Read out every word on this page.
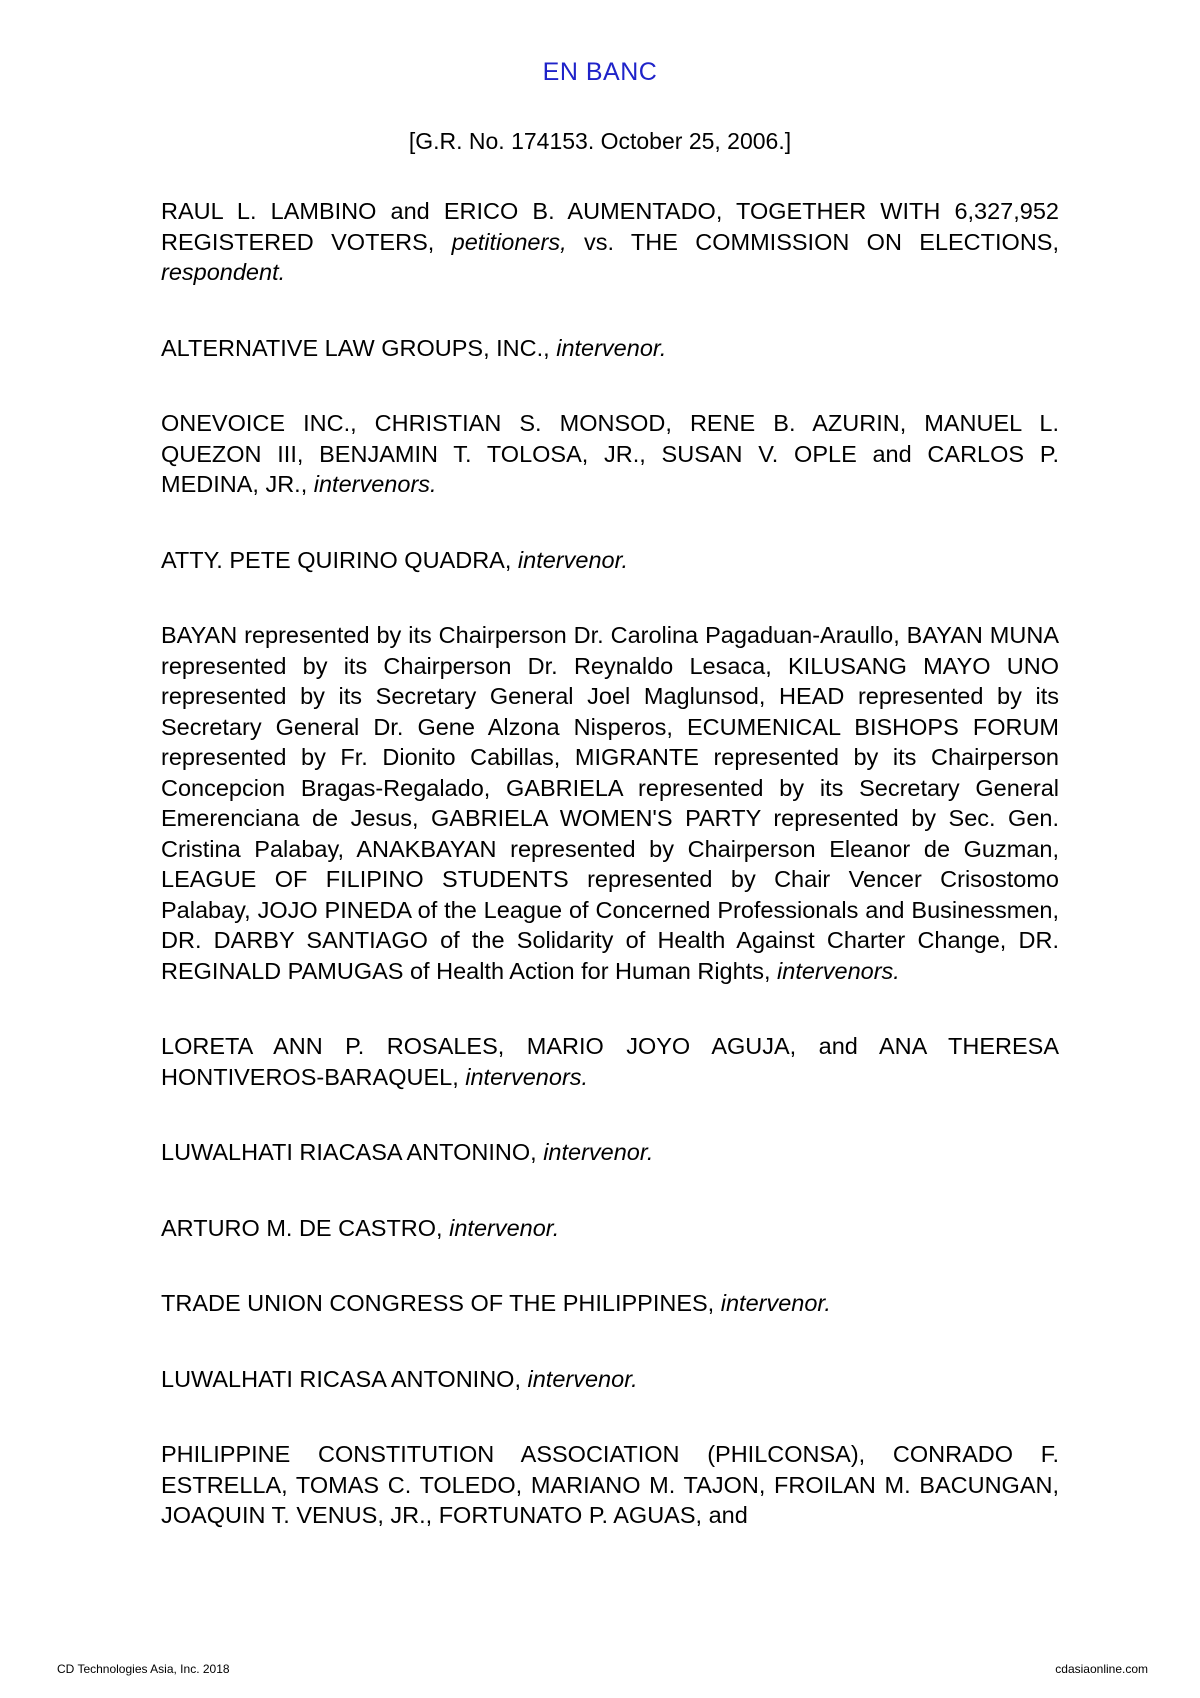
EN BANC
[G.R. No. 174153. October 25, 2006.]

RAUL L. LAMBINO and ERICO B. AUMENTADO, TOGETHER WITH 6,327,952 REGISTERED VOTERS, petitioners, vs. THE COMMISSION ON ELECTIONS, respondent.

ALTERNATIVE LAW GROUPS, INC., intervenor.

ONEVOICE INC., CHRISTIAN S. MONSOD, RENE B. AZURIN, MANUEL L. QUEZON III, BENJAMIN T. TOLOSA, JR., SUSAN V. OPLE and CARLOS P. MEDINA, JR., intervenors.

ATTY. PETE QUIRINO QUADRA, intervenor.

BAYAN represented by its Chairperson Dr. Carolina Pagaduan-Araullo, BAYAN MUNA represented by its Chairperson Dr. Reynaldo Lesaca, KILUSANG MAYO UNO represented by its Secretary General Joel Maglunsod, HEAD represented by its Secretary General Dr. Gene Alzona Nisperos, ECUMENICAL BISHOPS FORUM represented by Fr. Dionito Cabillas, MIGRANTE represented by its Chairperson Concepcion Bragas-Regalado, GABRIELA represented by its Secretary General Emerenciana de Jesus, GABRIELA WOMEN'S PARTY represented by Sec. Gen. Cristina Palabay, ANAKBAYAN represented by Chairperson Eleanor de Guzman, LEAGUE OF FILIPINO STUDENTS represented by Chair Vencer Crisostomo Palabay, JOJO PINEDA of the League of Concerned Professionals and Businessmen, DR. DARBY SANTIAGO of the Solidarity of Health Against Charter Change, DR. REGINALD PAMUGAS of Health Action for Human Rights, intervenors.

LORETA ANN P. ROSALES, MARIO JOYO AGUJA, and ANA THERESA HONTIVEROS-BARAQUEL, intervenors.

LUWALHATI RIACASA ANTONINO, intervenor.

ARTURO M. DE CASTRO, intervenor.

TRADE UNION CONGRESS OF THE PHILIPPINES, intervenor.

LUWALHATI RICASA ANTONINO, intervenor.

PHILIPPINE CONSTITUTION ASSOCIATION (PHILCONSA), CONRADO F. ESTRELLA, TOMAS C. TOLEDO, MARIANO M. TAJON, FROILAN M. BACUNGAN, JOAQUIN T. VENUS, JR., FORTUNATO P. AGUAS, and

CD Technologies Asia, Inc. 2018	cdasiaonline.com
